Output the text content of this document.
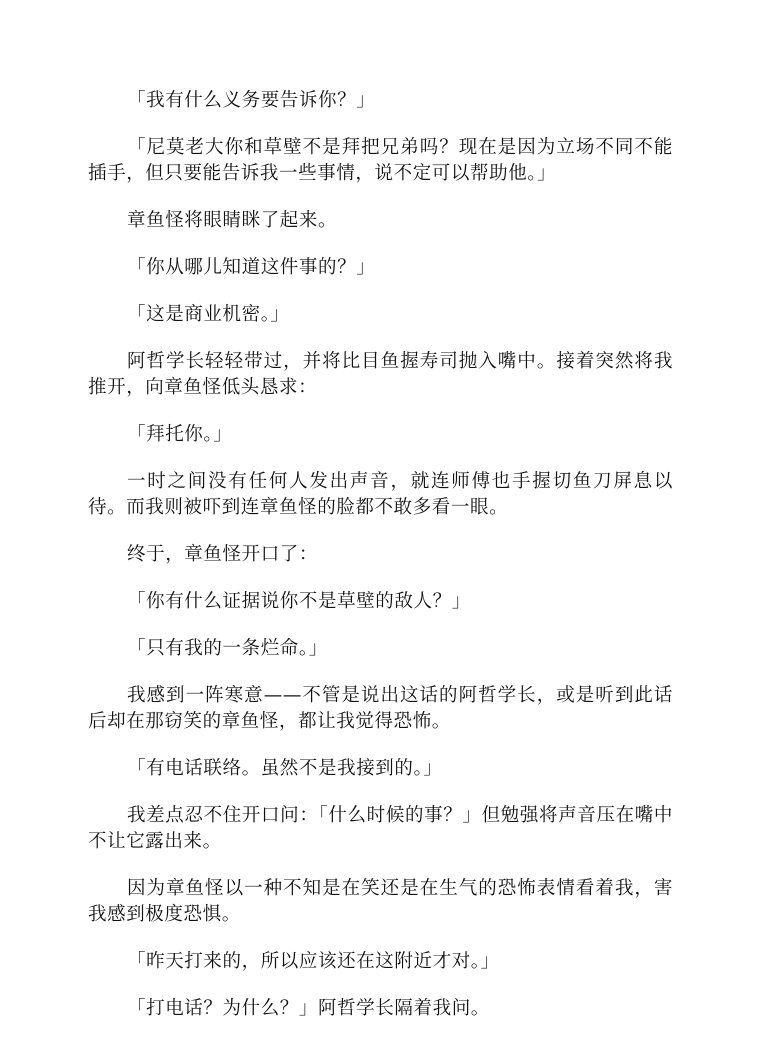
「我有什么义务要告诉你？」

「尼莫老大你和草壁不是拜把兄弟吗？现在是因为立场不同不能插手，但只要能告诉我一些事情，说不定可以帮助他。」

章鱼怪将眼睛眯了起来。

「你从哪儿知道这件事的？」

「这是商业机密。」

阿哲学长轻轻带过，并将比目鱼握寿司抛入嘴中。接着突然将我推开，向章鱼怪低头恳求：

「拜托你。」

一时之间没有任何人发出声音，就连师傅也手握切鱼刀屏息以待。而我则被吓到连章鱼怪的脸都不敢多看一眼。

终于，章鱼怪开口了：

「你有什么证据说你不是草壁的敌人？」

「只有我的一条烂命。」

我感到一阵寒意——不管是说出这话的阿哲学长，或是听到此话后却在那窃笑的章鱼怪，都让我觉得恐怖。

「有电话联络。虽然不是我接到的。」

我差点忍不住开口问：「什么时候的事？」但勉强将声音压在嘴中不让它露出来。

因为章鱼怪以一种不知是在笑还是在生气的恐怖表情看着我，害我感到极度恐惧。

「昨天打来的，所以应该还在这附近才对。」

「打电话？为什么？」阿哲学长隔着我问。
